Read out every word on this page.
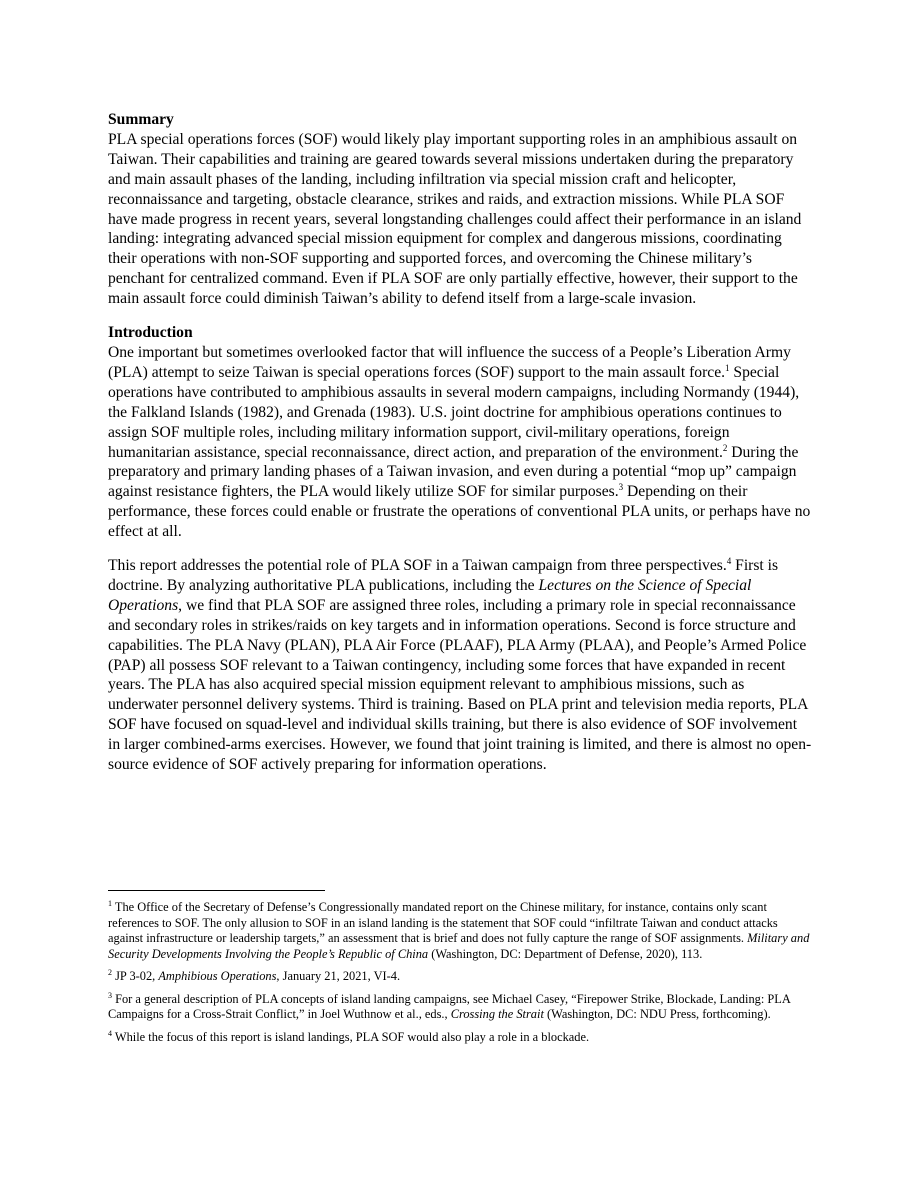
Summary

PLA special operations forces (SOF) would likely play important supporting roles in an amphibious assault on Taiwan. Their capabilities and training are geared towards several missions undertaken during the preparatory and main assault phases of the landing, including infiltration via special mission craft and helicopter, reconnaissance and targeting, obstacle clearance, strikes and raids, and extraction missions. While PLA SOF have made progress in recent years, several longstanding challenges could affect their performance in an island landing: integrating advanced special mission equipment for complex and dangerous missions, coordinating their operations with non-SOF supporting and supported forces, and overcoming the Chinese military’s penchant for centralized command. Even if PLA SOF are only partially effective, however, their support to the main assault force could diminish Taiwan’s ability to defend itself from a large-scale invasion.

Introduction

One important but sometimes overlooked factor that will influence the success of a People’s Liberation Army (PLA) attempt to seize Taiwan is special operations forces (SOF) support to the main assault force.$^1$ Special operations have contributed to amphibious assaults in several modern campaigns, including Normandy (1944), the Falkland Islands (1982), and Grenada (1983). U.S. joint doctrine for amphibious operations continues to assign SOF multiple roles, including military information support, civil-military operations, foreign humanitarian assistance, special reconnaissance, direct action, and preparation of the environment.$^2$ During the preparatory and primary landing phases of a Taiwan invasion, and even during a potential “mop up” campaign against resistance fighters, the PLA would likely utilize SOF for similar purposes.$^3$ Depending on their performance, these forces could enable or frustrate the operations of conventional PLA units, or perhaps have no effect at all.

This report addresses the potential role of PLA SOF in a Taiwan campaign from three perspectives.$^4$ First is doctrine. By analyzing authoritative PLA publications, including the Lectures on the Science of Special Operations, we find that PLA SOF are assigned three roles, including a primary role in special reconnaissance and secondary roles in strikes/raids on key targets and in information operations. Second is force structure and capabilities. The PLA Navy (PLAN), PLA Air Force (PLAAF), PLA Army (PLAA), and People’s Armed Police (PAP) all possess SOF relevant to a Taiwan contingency, including some forces that have expanded in recent years. The PLA has also acquired special mission equipment relevant to amphibious missions, such as underwater personnel delivery systems. Third is training. Based on PLA print and television media reports, PLA SOF have focused on squad-level and individual skills training, but there is also evidence of SOF involvement in larger combined-arms exercises. However, we found that joint training is limited, and there is almost no open-source evidence of SOF actively preparing for information operations.

$^1$ The Office of the Secretary of Defense’s Congressionally mandated report on the Chinese military, for instance, contains only scant references to SOF. The only allusion to SOF in an island landing is the statement that SOF could “infiltrate Taiwan and conduct attacks against infrastructure or leadership targets,” an assessment that is brief and does not fully capture the range of SOF assignments. Military and Security Developments Involving the People’s Republic of China (Washington, DC: Department of Defense, 2020), 113.

$^2$ JP 3-02, Amphibious Operations, January 21, 2021, VI-4.

$^3$ For a general description of PLA concepts of island landing campaigns, see Michael Casey, “Firepower Strike, Blockade, Landing: PLA Campaigns for a Cross-Strait Conflict,” in Joel Wuthnow et al., eds., Crossing the Strait (Washington, DC: NDU Press, forthcoming).

$^4$ While the focus of this report is island landings, PLA SOF would also play a role in a blockade.
